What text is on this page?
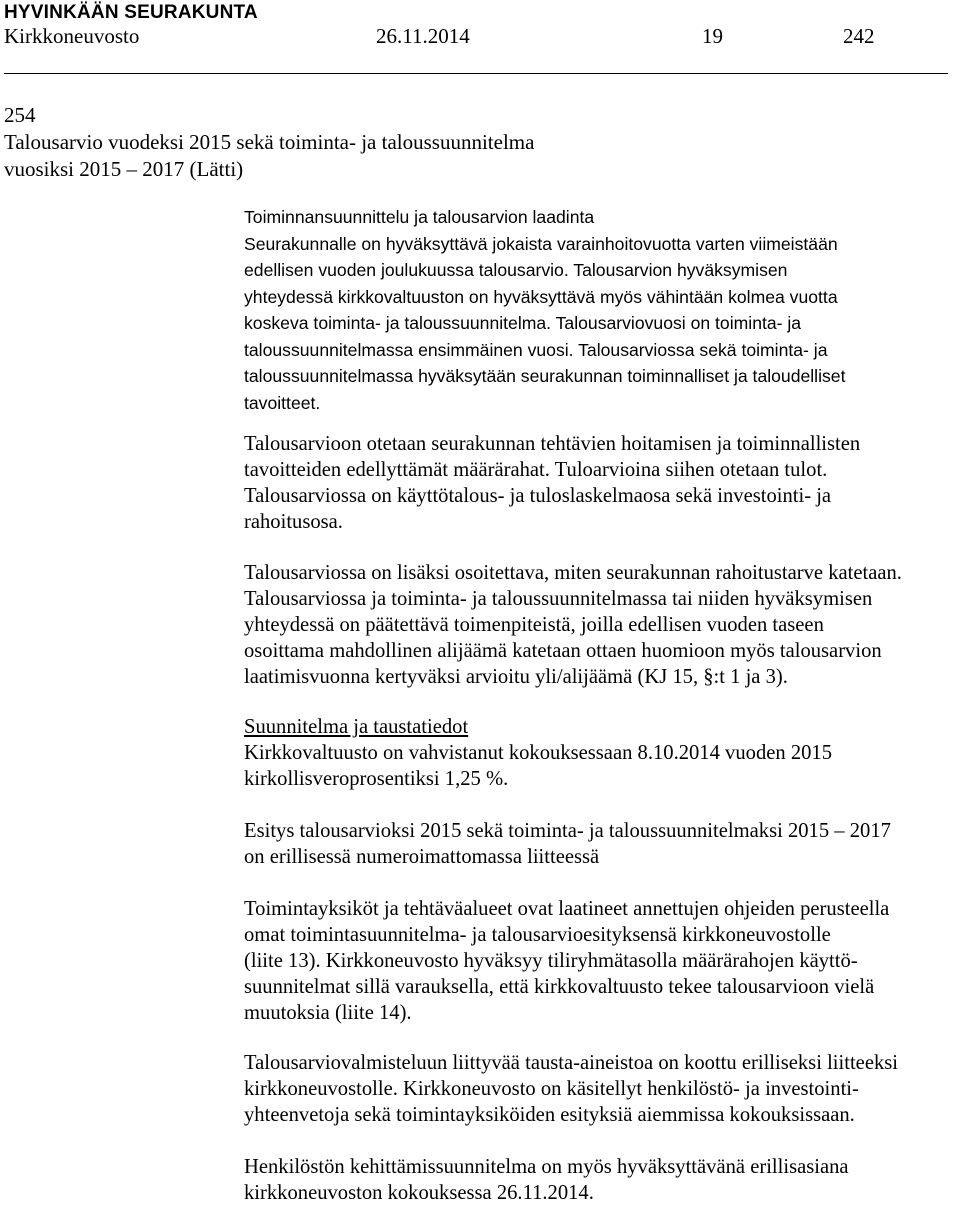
HYVINKÄÄN SEURAKUNTA
Kirkkoneuvosto	26.11.2014	19	242
254
Talousarvio vuodeksi 2015 sekä toiminta- ja taloussuunnitelma
vuosiksi 2015 – 2017 (Lätti)
Toiminnansuunnittelu ja talousarvion laadinta
Seurakunnalle on hyväksyttävä jokaista varainhoitovuotta varten viimeistään
edellisen vuoden joulukuussa talousarvio. Talousarvion hyväksymisen
yhteydessä kirkkovaltuuston on hyväksyttävä myös vähintään kolmea vuotta
koskeva toiminta- ja taloussuunnitelma. Talousarviovuosi on toiminta- ja
taloussuunnitelmassa ensimmäinen vuosi. Talousarviossa sekä toiminta- ja
taloussuunnitelmassa hyväksytään seurakunnan toiminnalliset ja taloudelliset
tavoitteet.
Talousarvioon otetaan seurakunnan tehtävien hoitamisen ja toiminnallisten
tavoitteiden edellyttämät määrärahat. Tuloarvioina siihen otetaan tulot.
Talousarviossa on käyttötalous- ja tuloslaskelmaosa sekä investointi- ja
rahoitusosa.
Talousarviossa on lisäksi osoitettava, miten seurakunnan rahoitustarve katetaan.
Talousarviossa ja toiminta- ja taloussuunnitelmassa tai niiden hyväksymisen
yhteydessä on päätettävä toimenpiteistä, joilla edellisen vuoden taseen
osoittama mahdollinen alijäämä katetaan ottaen huomioon myös talousarvion
laatimisvuonna kertyväksi arvioitu yli/alijäämä (KJ 15, §:t 1 ja 3).
Suunnitelma ja taustatiedot
Kirkkovaltuusto on vahvistanut kokouksessaan 8.10.2014 vuoden 2015
kirkollisveroprosentiksi 1,25 %.
Esitys talousarvioksi 2015 sekä toiminta- ja taloussuunnitelmaksi 2015 – 2017
on erillisessä numeroimattomassa liitteessä
Toimintayksiköt ja tehtäväalueet ovat laatineet annettujen ohjeiden perusteella
omat toimintasuunnitelma- ja talousarvioesityksensä kirkkoneuvostolle
(liite 13). Kirkkoneuvosto hyväksyy tiliryhmätasolla määrärahojen käyttö-
suunnitelmat sillä varauksella, että kirkkovaltuusto tekee talousarvioon vielä
muutoksia (liite 14).
Talousarviovalmisteluun liittyvää tausta-aineistoa on koottu erilliseksi liitteeksi
kirkkoneuvostolle. Kirkkoneuvosto on käsitellyt henkilöstö- ja investointi-
yhteenvetoja sekä toimintayksiköiden esityksiä aiemmissa kokouksissaan.
Henkilöstön kehittämissuunnitelma on myös hyväksyttävänä erillisasiana
kirkkoneuvoston kokouksessa 26.11.2014.
